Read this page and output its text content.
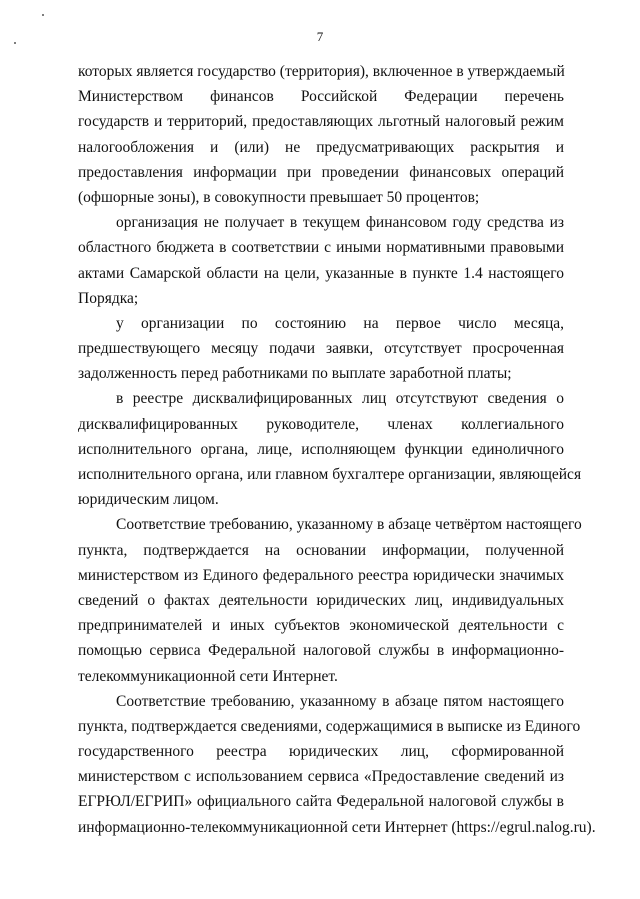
7
которых является государство (территория), включенное в утверждаемый
Министерством финансов Российской Федерации перечень
государств и территорий, предоставляющих льготный налоговый режим
налогообложения и (или) не предусматривающих раскрытия и
предоставления информации при проведении финансовых операций
(офшорные зоны), в совокупности превышает 50 процентов;
организация не получает в текущем финансовом году средства из
областного бюджета в соответствии с иными нормативными правовыми
актами Самарской области на цели, указанные в пункте 1.4 настоящего
Порядка;
у организации по состоянию на первое число месяца,
предшествующего месяцу подачи заявки, отсутствует просроченная
задолженность перед работниками по выплате заработной платы;
в реестре дисквалифицированных лиц отсутствуют сведения о
дисквалифицированных руководителе, членах коллегиального
исполнительного органа, лице, исполняющем функции единоличного
исполнительного органа, или главном бухгалтере организации, являющейся
юридическим лицом.
Соответствие требованию, указанному в абзаце четвёртом настоящего
пункта, подтверждается на основании информации, полученной
министерством из Единого федерального реестра юридически значимых
сведений о фактах деятельности юридических лиц, индивидуальных
предпринимателей и иных субъектов экономической деятельности с
помощью сервиса Федеральной налоговой службы в информационно-
телекоммуникационной сети Интернет.
Соответствие требованию, указанному в абзаце пятом настоящего
пункта, подтверждается сведениями, содержащимися в выписке из Единого
государственного реестра юридических лиц, сформированной
министерством с использованием сервиса «Предоставление сведений из
ЕГРЮЛ/ЕГРИП» официального сайта Федеральной налоговой службы в
информационно-телекоммуникационной сети Интернет (https://egrul.nalog.ru).
